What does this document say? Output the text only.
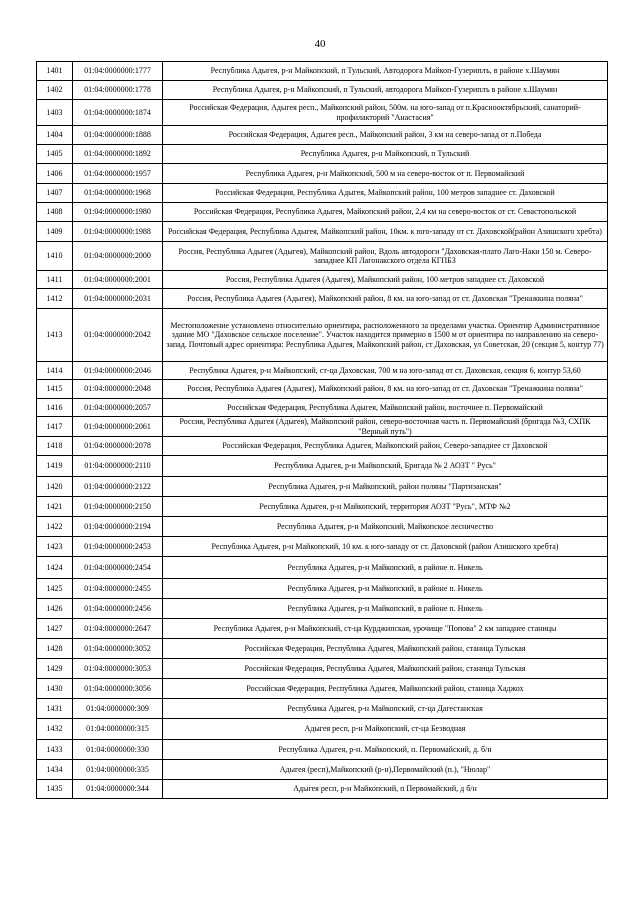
40
1401	01:04:0000000:1777	Республика Адыгея, р-н Майкопский, п Тульский, Автодорога Майкоп-Гузериплъ, в районе х.Шаумян
1402	01:04:0000000:1778	Республика Адыгея, р-н Майкопский, п Тульский, автодорога Майкоп-Гузериплъ в районе х.Шаумян
1403	01:04:0000000:1874	Российская Федерация, Адыгея респ., Майкопский район, 500м. на юго-запад от п.Краснооктябрьский, санаторий-профилакторий "Анастасия"
1404	01:04:0000000:1888	Российская Федерация, Адыгея респ., Майкопский район, 3 км на северо-запад от п.Победа
1405	01:04:0000000:1892	Республика Адыгея, р-н Майкопский, п Тульский
1406	01:04:0000000:1957	Республика Адыгея, р-н Майкопский, 500 м на северо-восток от п. Первомайский
1407	01:04:0000000:1968	Российская Федерация, Республика Адыгея, Майкопский район, 100 метров западнее ст. Даховской
1408	01:04:0000000:1980	Российская Федерация, Республика Адыгея, Майкопский район, 2,4 км на северо-восток от ст. Севастопольской
1409	01:04:0000000:1988	Российская Федерация, Республика Адыгея, Майкопский район, 10км. к юго-западу от ст. Даховской(район Азишского хребта)
1410	01:04:0000000:2000	Россия, Республика Адыгея (Адыгея), Майкопский район, Вдоль автодороги "Даховская-плато Лаго-Наки 150 м. Северо-западнее КП Лагонакского отдела КГПБЗ
1411	01:04:0000000:2001	Россия, Республика Адыгея (Адыгея), Майкопский район, 100 метров западнее ст. Даховской
1412	01:04:0000000:2031	Россия, Республика Адыгея (Адыгея), Майкопский район, 8 км. на юго-запад от ст. Даховская "Тренажкина поляна"
1413	01:04:0000000:2042	Местоположение установлено относительно ориентира, расположенного за пределами участка. Ориентир Административное здание МО "Даховское сельское поселение". Участок находится примерно в 1500 м от ориентира по направлению на северо-запад. Почтовый адрес ориентира: Республика Адыгея, Майкопский район, ст Даховская, ул Советская, 20 (секция 5, контур 77)
1414	01:04:0000000:2046	Республика Адыгея, р-н Майкопский, ст-ца Даховская, 700 м на юго-запад от ст. Даховская, секция 6, контур 53,60
1415	01:04:0000000:2048	Россия, Республика Адыгея (Адыгея), Майкопский район, 8 км. на юго-запад от ст. Даховская "Тренажкина поляна"
1416	01:04:0000000:2057	Российская Федерация, Республика Адыгея, Майкопский район, восточнее п. Первомайский
1417	01:04:0000000:2061	Россия, Республика Адыгея (Адыгея), Майкопский район, северо-восточная часть п. Первомайский (бригада №3, СХПК "Верный путь")
1418	01:04:0000000:2078	Российская Федерация, Республика Адыгея, Майкопский район, Северо-западнее ст Даховской
1419	01:04:0000000:2110	Республика Адыгея, р-н Майкопский, Бригада № 2 АОЗТ " Русь"
1420	01:04:0000000:2122	Республика Адыгея, р-н Майкопский, район поляны "Партизанская"
1421	01:04:0000000:2150	Республика Адыгея, р-н Майкопский, территория АОЗТ "Русь", МТФ №2
1422	01:04:0000000:2194	Республика Адыгея, р-н Майкопский, Майкопское лесничество
1423	01:04:0000000:2453	Республика Адыгея, р-н Майкопский, 10 км. к юго-западу от ст. Даховской (район Азишского хребта)
1424	01:04:0000000:2454	Республика Адыгея, р-н Майкопский, в районе п. Никель
1425	01:04:0000000:2455	Республика Адыгея, р-н Майкопский, в районе п. Никель
1426	01:04:0000000:2456	Республика Адыгея, р-н Майкопский, в районе п. Никель
1427	01:04:0000000:2647	Республика Адыгея, р-н Майкопский, ст-ца Курджипская, урочище "Попова" 2 км западнее станицы
1428	01:04:0000000:3052	Российская Федерация, Республика Адыгея, Майкопский район, станица Тульская
1429	01:04:0000000:3053	Российская Федерация, Республика Адыгея, Майкопский район, станица Тульская
1430	01:04:0000000:3056	Российская Федерация, Республика Адыгея, Майкопский район, станица Хаджох
1431	01:04:0000000:309	Республика Адыгея, р-н Майкопский, ст-ца Дагестанская
1432	01:04:0000000:315	Адыгея респ, р-н Майкопский, ст-ца Безводная
1433	01:04:0000000:330	Республика Адыгея, р-н. Майкопский, п. Первомайский, д. б/н
1434	01:04:0000000:335	Адыгея (респ),Майкопский (р-н),Первомайский (п.), "Нюлар"
1435	01:04:0000000:344	Адыгея респ, р-н Майкопский, п Первомайский, д б/н
